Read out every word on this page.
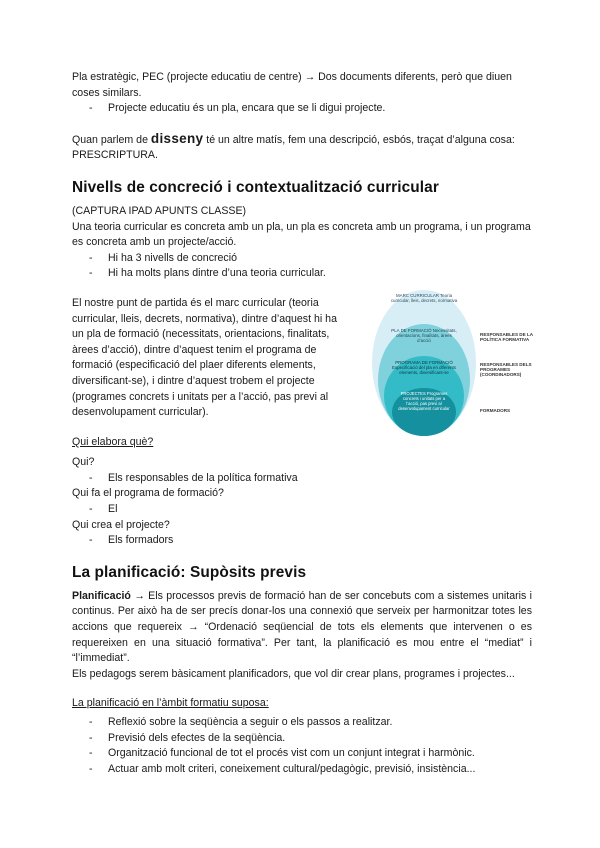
Pla estratègic, PEC (projecte educatiu de centre) → Dos documents diferents, però que diuen coses similars.

- Projecte educatiu és un pla, encara que se li digui projecte.

Quan parlem de disseny té un altre matís, fem una descripció, esbós, traçat d’alguna cosa: PRESCRIPTURA.

Nivells de concreció i contextualització curricular

(CAPTURA IPAD APUNTS CLASSE)

Una teoria curricular es concreta amb un pla, un pla es concreta amb un programa, i un programa es concreta amb un projecte/acció.

- Hi ha 3 nivells de concreció

- Hi ha molts plans dintre d’una teoria curricular.

El nostre punt de partida és el marc curricular (teoria curricular, lleis, decrets, normativa), dintre d’aquest hi ha un pla de formació (necessitats, orientacions, finalitats, àrees d’acció), dintre d’aquest tenim el programa de formació (especificació del plaer diferents elements, diversificant-se), i dintre d’aquest trobem el projecte (programes concrets i unitats per a l’acció, pas previ al desenvolupament curricular).

Qui elabora què?

Qui?

- Els responsables de la política formativa

Qui fa el programa de formació?

- El

Qui crea el projecte?

- Els formadors

La planificació: Supòsits previs

Planificació → Els processos previs de formació han de ser concebuts com a sistemes unitaris i continus. Per això ha de ser precís donar-los una connexió que serveix per harmonitzar totes les accions que requereix → “Ordenació seqüencial de tots els elements que intervenen o es requereixen en una situació formativa”. Per tant, la planificació es mou entre el “mediat” i “l’immediat”.

Els pedagogs serem bàsicament planificadors, que vol dir crear plans, programes i projectes...

La planificació en l’àmbit formatiu suposa:

- Reflexió sobre la seqüència a seguir o els passos a realitzar.

- Previsió dels efectes de la seqüència.

- Organització funcional de tot el procés vist com un conjunt integrat i harmònic.

- Actuar amb molt criteri, coneixement cultural/pedagògic, previsió, insistència...

MARC CURRICULAR Teoria curricular, lleis, decrets, normativa
PLA DE FORMACIÓ Necessitats, orientacions, finalitats, àrees d’acció
PROGRAMA DE FORMACIÓ Especificació del pla en diferents elements, diversificant-se
PROJECTES Programes concrets i unitats per a l’acció, pas previ al desenvolupament curricular
RESPONSABLES DE LA POLÍTICA FORMATIVA
RESPONSABLES DELS PROGRAMES (COORDINADORS)
FORMADORS
